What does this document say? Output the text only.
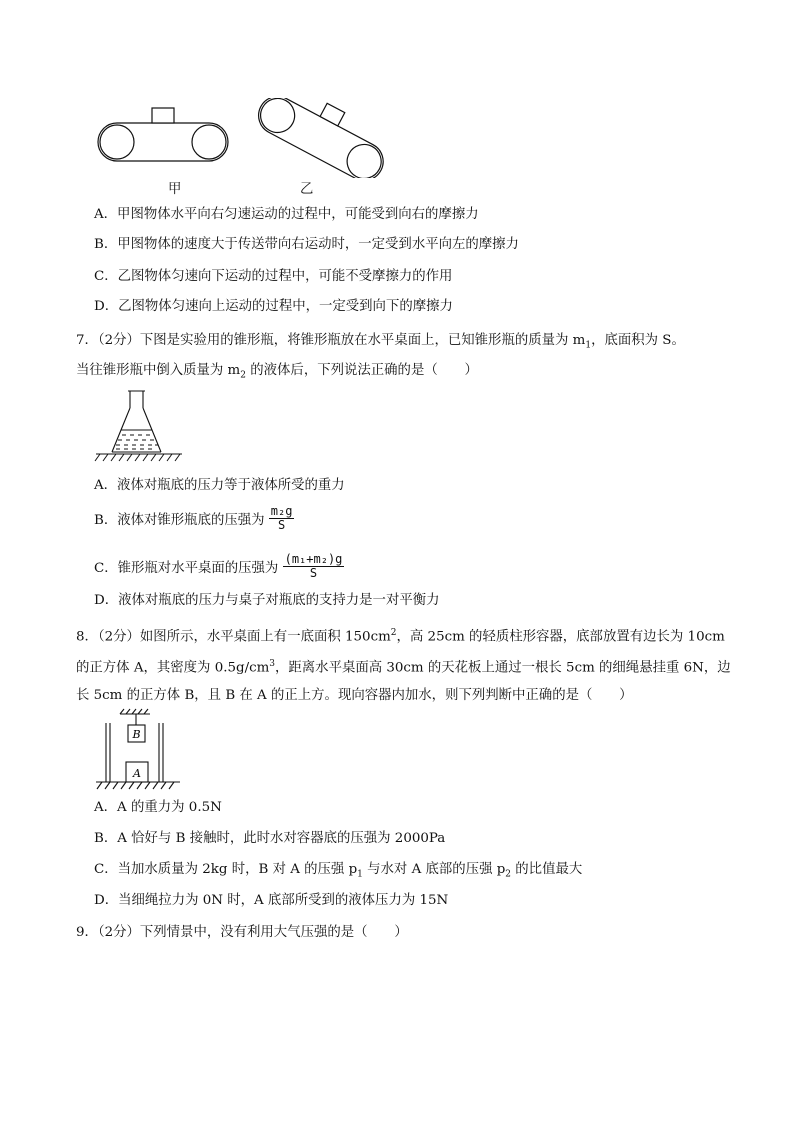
甲	乙
A．甲图物体水平向右匀速运动的过程中，可能受到向右的摩擦力
B．甲图物体的速度大于传送带向右运动时，一定受到水平向左的摩擦力
C．乙图物体匀速向下运动的过程中，可能不受摩擦力的作用
D．乙图物体匀速向上运动的过程中，一定受到向下的摩擦力
7．（2分）下图是实验用的锥形瓶，将锥形瓶放在水平桌面上，已知锥形瓶的质量为 $m_1$，底面积为 S。
当往锥形瓶中倒入质量为 $m_2$ 的液体后，下列说法正确的是（　　）
A．液体对瓶底的压力等于液体所受的重力
B．液体对锥形瓶底的压强为 $\frac{\text{m₂g}}{S}$
C．锥形瓶对水平桌面的压强为 $\frac{\text{(m₁+m₂)g}}{S}$
D．液体对瓶底的压力与桌子对瓶底的支持力是一对平衡力
8．（2分）如图所示，水平桌面上有一底面积 $150cm^2$，高 25cm 的轻质柱形容器，底部放置有边长为 10cm
的正方体 A，其密度为 $0.5g/cm^3$，距离水平桌面高 30cm 的天花板上通过一根长 5cm 的细绳悬挂重 6N，边
长 5cm 的正方体 B，且 B 在 A 的正上方。现向容器内加水，则下列判断中正确的是（　　）
B
A
A．A 的重力为 0.5N
B．A 恰好与 B 接触时，此时水对容器底的压强为 2000Pa
C．当加水质量为 2kg 时，B 对 A 的压强 $p_1$ 与水对 A 底部的压强 $p_2$ 的比值最大
D．当细绳拉力为 0N 时，A 底部所受到的液体压力为 15N
9．（2分）下列情景中，没有利用大气压强的是（　　）
